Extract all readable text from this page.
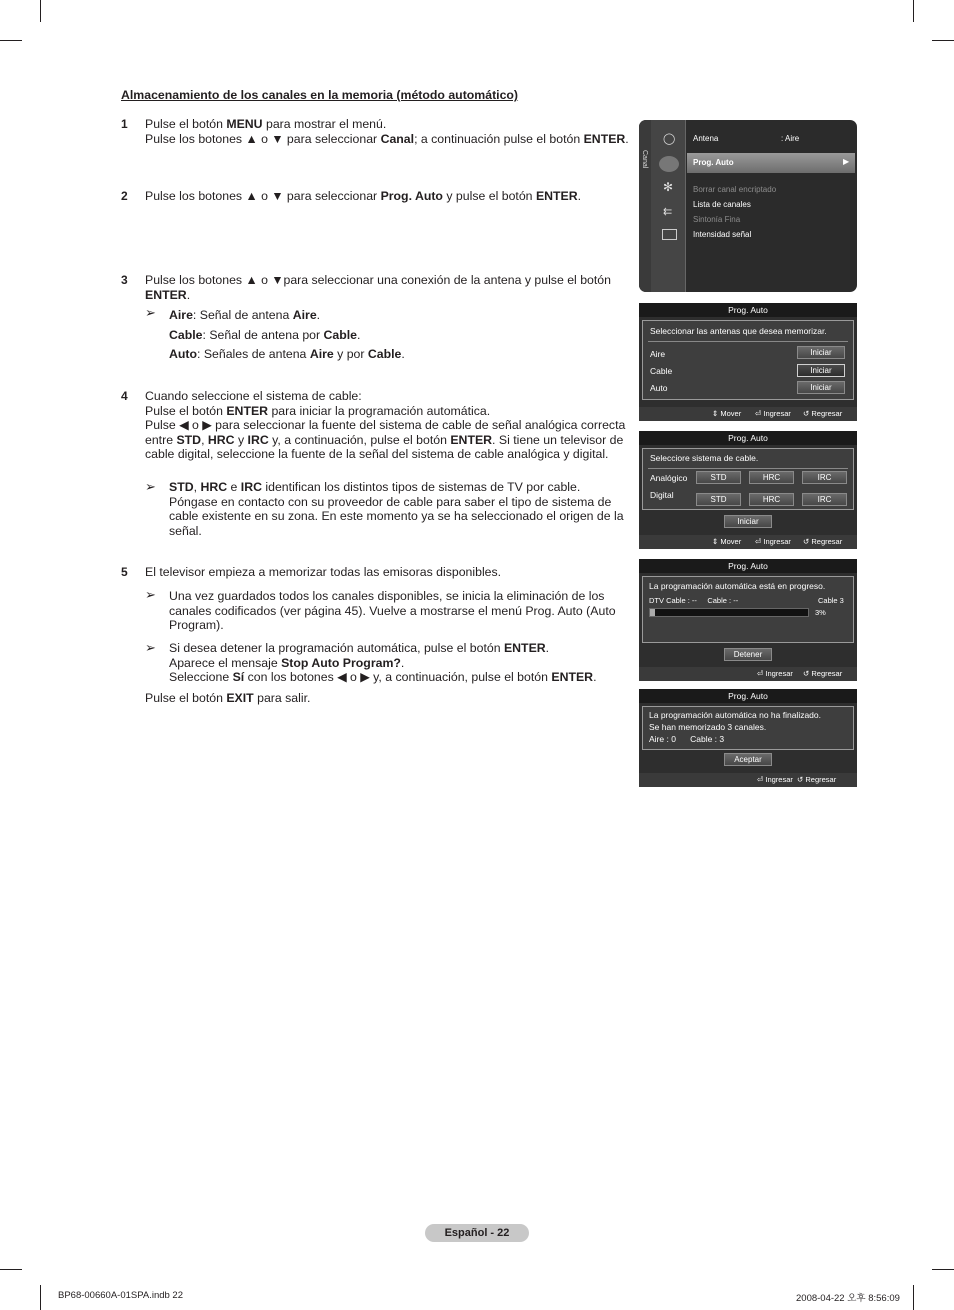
Almacenamiento de los canales en la memoria (método automático)
1 Pulse el botón MENU para mostrar el menú.
Pulse los botones ▲ o ▼ para seleccionar Canal; a continuación pulse el botón ENTER.
2 Pulse los botones ▲ o ▼ para seleccionar Prog. Auto y pulse el botón ENTER.
3 Pulse los botones ▲ o ▼para seleccionar una conexión de la antena y pulse el botón ENTER.
➢ Aire: Señal de antena Aire.
Cable: Señal de antena por Cable.
Auto: Señales de antena Aire y por Cable.
4 Cuando seleccione el sistema de cable:
Pulse el botón ENTER para iniciar la programación automática.
Pulse ◀ o ▶ para seleccionar la fuente del sistema de cable de señal analógica correcta entre STD, HRC y IRC y, a continuación, pulse el botón ENTER. Si tiene un televisor de cable digital, seleccione la fuente de la señal del sistema de cable analógica y digital.
➢ STD, HRC e IRC identifican los distintos tipos de sistemas de TV por cable. Póngase en contacto con su proveedor de cable para saber el tipo de sistema de cable existente en su zona. En este momento ya se ha seleccionado el origen de la señal.
5 El televisor empieza a memorizar todas las emisoras disponibles.
➢ Una vez guardados todos los canales disponibles, se inicia la eliminación de los canales codificados (ver página 45). Vuelve a mostrarse el menú Prog. Auto (Auto Program).
➢ Si desea detener la programación automática, pulse el botón ENTER.
Aparece el mensaje Stop Auto Program?.
Seleccione Sí con los botones ◀ o ▶ y, a continuación, pulse el botón ENTER.
Pulse el botón EXIT para salir.
Canal
◯
✻
⇇
Antena	: Aire
Prog. Auto	▶
Borrar canal encriptado
Lista de canales
Sintonía Fina
Intensidad señal
Prog. Auto
Seleccionar las antenas que desea memorizar.
Aire	Iniciar
Cable	Iniciar
Auto	Iniciar
⇕ Mover ⏎ Ingresar ↺ Regresar
Prog. Auto
Selecciore sistema de cable.
Analógico	STD	HRC	IRC
Digital	STD	HRC	IRC
Iniciar
⇕ Mover ⏎ Ingresar ↺ Regresar
Prog. Auto
La programación automática está en progreso.
DTV Cable : --     Cable : --	Cable 3
3%
Detener
⏎ Ingresar ↺ Regresar
Prog. Auto
La programación automática no ha finalizado.
Se han memorizado 3 canales.
Aire : 0      Cable : 3
Aceptar
⏎ Ingresar ↺ Regresar
Español - 22
BP68-00660A-01SPA.indb 22	2008-04-22 오후 8:56:09
